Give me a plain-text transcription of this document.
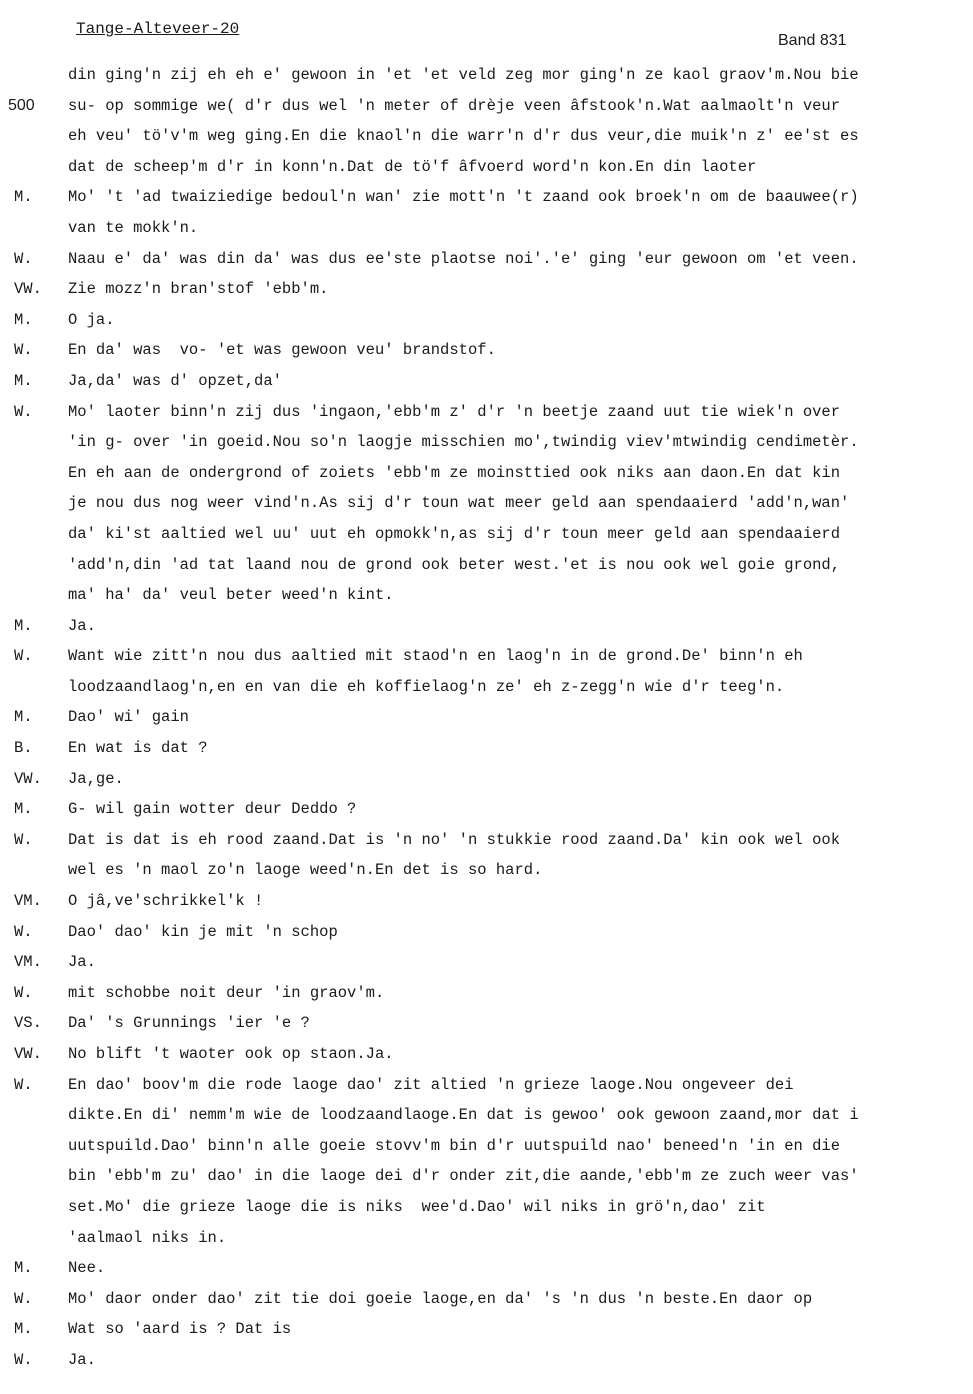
Tange-Alteveer-20
Band 831
din ging'n zij eh eh e' gewoon in 'et 'et veld zeg mor ging'n ze kaol graov'm.Nou bie
500 su- op sommige we( d'r dus wel 'n meter of drèje veen âfstook'n.Wat aalmaolt'n veur
eh veu' tö'v'm weg ging.En die knaol'n die warr'n d'r dus veur,die muik'n z' ee'st es
dat de scheep'm d'r in konn'n.Dat de tö'f âfvoerd word'n kon.En din laoter
M.	Mo' 't 'ad twaiziedige bedoul'n wan' zie mott'n 't zaand ook broek'n om de baauwee(r)
van te mokk'n.
W.	Naau e' da' was din da' was dus ee'ste plaotse noi'.'e' ging 'eur gewoon om 'et veen.
VW.	Zie mozz'n bran'stof 'ebb'm.
M.	O ja.
W.	En da' was  vo- 'et was gewoon veu' brandstof.
M.	Ja,da' was d' opzet,da'
W.	Mo' laoter binn'n zij dus 'ingaon,'ebb'm z' d'r 'n beetje zaand uut tie wiek'n over
'in g- over 'in goeid.Nou so'n laogje misschien mo',twindig viev'mtwindig cendimetèr.
En eh aan de ondergrond of zoiets 'ebb'm ze moinsttied ook niks aan daon.En dat kin
je nou dus nog weer vind'n.As sij d'r toun wat meer geld aan spendaaierd 'add'n,wan'
da' ki'st aaltied wel uu' uut eh opmokk'n,as sij d'r toun meer geld aan spendaaierd
'add'n,din 'ad tat laand nou de grond ook beter west.'et is nou ook wel goie grond,
ma' ha' da' veul beter weed'n kint.
M.	Ja.
W.	Want wie zitt'n nou dus aaltied mit staod'n en laog'n in de grond.De' binn'n eh
loodzaandlaog'n,en en van die eh koffielaog'n ze' eh z-zegg'n wie d'r teeg'n.
M.	Dao' wi' gain
B.	En wat is dat ?
VW.	Ja,ge.
M.	G- wil gain wotter deur Deddo ?
W.	Dat is dat is eh rood zaand.Dat is 'n no' 'n stukkie rood zaand.Da' kin ook wel ook
wel es 'n maol zo'n laoge weed'n.En det is so hard.
VM.	O jâ,ve'schrikkel'k !
W.	Dao' dao' kin je mit 'n schop
VM.	Ja.
W.	mit schobbe noit deur 'in graov'm.
VS.	Da' 's Grunnings 'ier 'e ?
VW.	No blift 't waoter ook op staon.Ja.
W.	En dao' boov'm die rode laoge dao' zit altied 'n grieze laoge.Nou ongeveer dei
dikte.En di' nemm'm wie de loodzaandlaoge.En dat is gewoo' ook gewoon zaand,mor dat i
uutspuild.Dao' binn'n alle goeie stovv'm bin d'r uutspuild nao' beneed'n 'in en die
bin 'ebb'm zu' dao' in die laoge dei d'r onder zit,die aande,'ebb'm ze zuch weer vas'
set.Mo' die grieze laoge die is niks  wee'd.Dao' wil niks in grö'n,dao' zit
'aalmaol niks in.
M.	Nee.
W.	Mo' daor onder dao' zit tie doi goeie laoge,en da' 's 'n dus 'n beste.En daor op
M.	Wat so 'aard is ? Dat is
W.	Ja.
